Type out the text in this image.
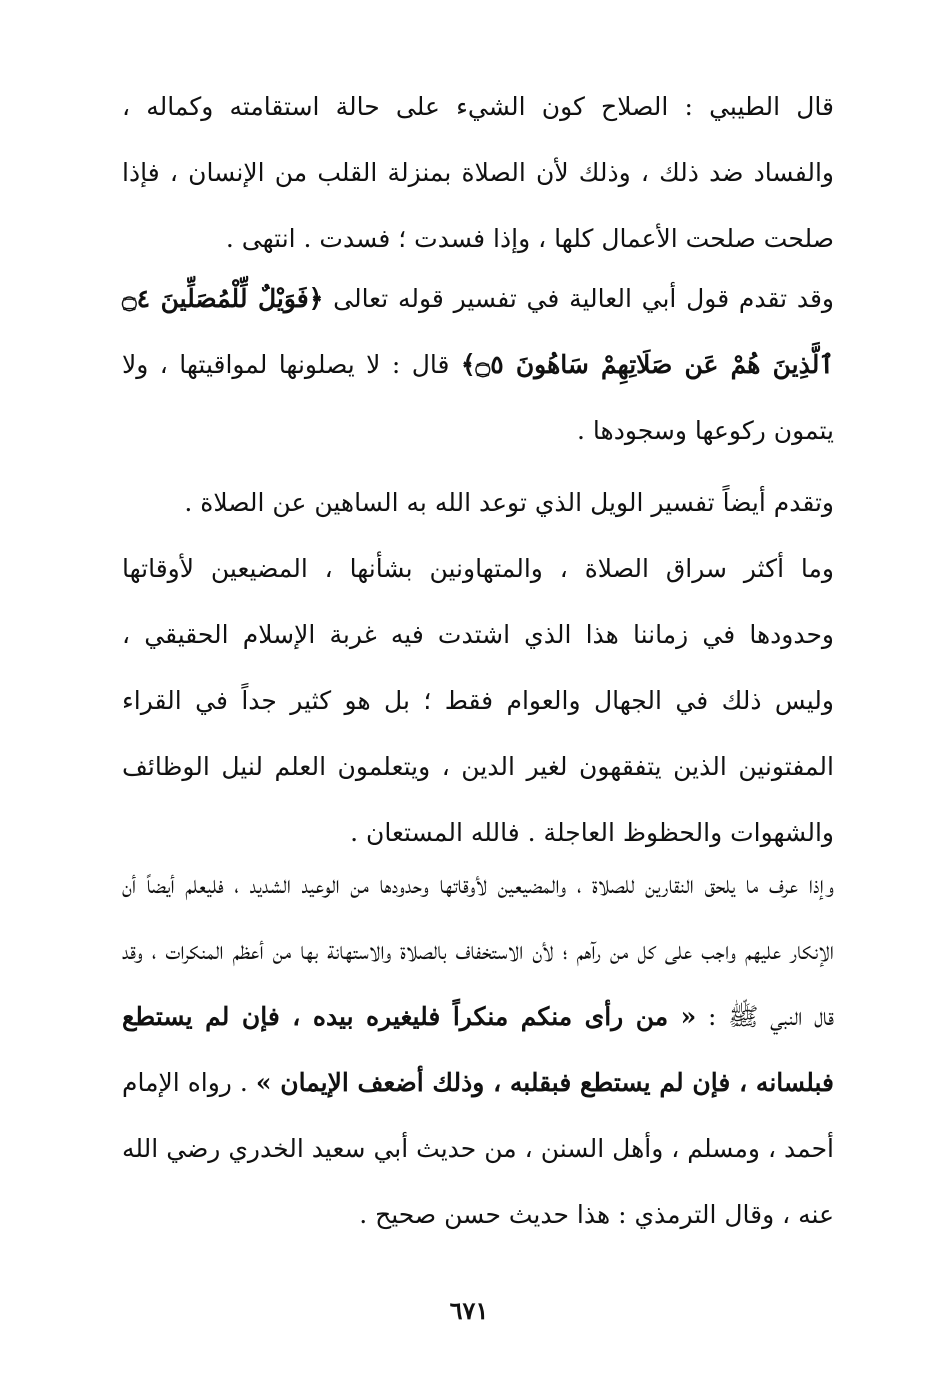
قال الطيبي : الصلاح كون الشيء على حالة استقامته وكماله ، والفساد ضد ذلك ، وذلك لأن الصلاة بمنزلة القلب من الإنسان ، فإذا صلحت صلحت الأعمال كلها ، وإذا فسدت ؛ فسدت . انتهى .

وقد تقدم قول أبي العالية في تفسير قوله تعالى ﴿فَوَيْلٌ لِّلْمُصَلِّينَ ۝٤ ٱلَّذِينَ هُمْ عَن صَلَاتِهِمْ سَاهُونَ ۝٥﴾ قال : لا يصلونها لمواقيتها ، ولا يتمون ركوعها وسجودها .

وتقدم أيضاً تفسير الويل الذي توعد الله به الساهين عن الصلاة .

وما أكثر سراق الصلاة ، والمتهاونين بشأنها ، المضيعين لأوقاتها وحدودها في زماننا هذا الذي اشتدت فيه غربة الإسلام الحقيقي ، وليس ذلك في الجهال والعوام فقط ؛ بل هو كثير جداً في القراء المفتونين الذين يتفقهون لغير الدين ، ويتعلمون العلم لنيل الوظائف والشهوات والحظوظ العاجلة . فالله المستعان .

وإذا عرف ما يلحق النقارين للصلاة ، والمضيعين لأوقاتها وحدودها من الوعيد الشديد ، فليعلم أيضاً أن الإنكار عليهم واجب على كل من رآهم ؛ لأن الاستخفاف بالصلاة والاستهانة بها من أعظم المنكرات ، وقد قال النبي ﷺ : « من رأى منكم منكراً فليغيره بيده ، فإن لم يستطع فبلسانه ، فإن لم يستطع فبقلبه ، وذلك أضعف الإيمان » . رواه الإمام أحمد ، ومسلم ، وأهل السنن ، من حديث أبي سعيد الخدري رضي الله عنه ، وقال الترمذي : هذا حديث حسن صحيح .

٦٧١
